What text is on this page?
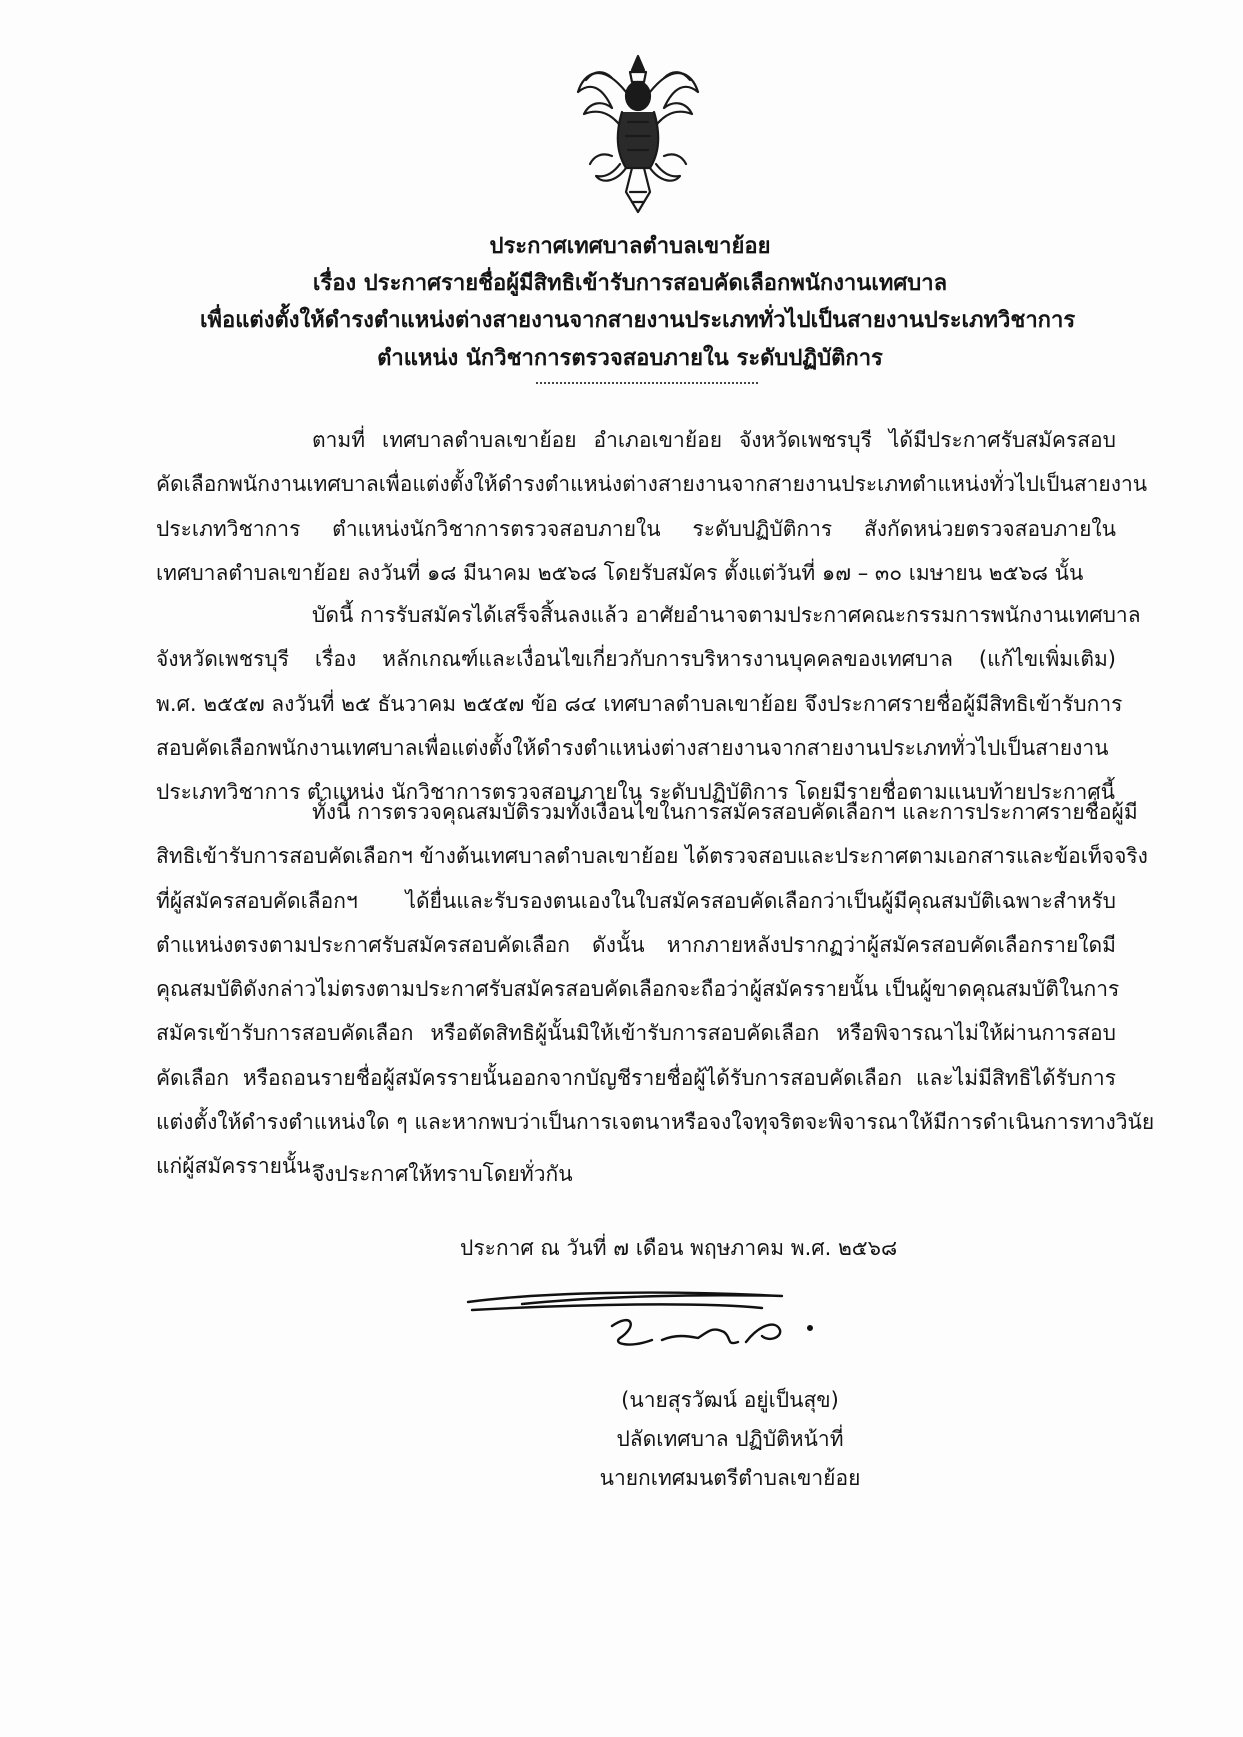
ประกาศเทศบาลตำบลเขาย้อย
เรื่อง ประกาศรายชื่อผู้มีสิทธิเข้ารับการสอบคัดเลือกพนักงานเทศบาล
เพื่อแต่งตั้งให้ดำรงตำแหน่งต่างสายงานจากสายงานประเภททั่วไปเป็นสายงานประเภทวิชาการ
ตำแหน่ง นักวิชาการตรวจสอบภายใน ระดับปฏิบัติการ
ตามที่ เทศบาลตำบลเขาย้อย อำเภอเขาย้อย จังหวัดเพชรบุรี ได้มีประกาศรับสมัครสอบ
คัดเลือกพนักงานเทศบาลเพื่อแต่งตั้งให้ดำรงตำแหน่งต่างสายงานจากสายงานประเภทตำแหน่งทั่วไปเป็นสายงาน
ประเภทวิชาการ ตำแหน่งนักวิชาการตรวจสอบภายใน ระดับปฏิบัติการ สังกัดหน่วยตรวจสอบภายใน
เทศบาลตำบลเขาย้อย ลงวันที่ ๑๘ มีนาคม ๒๕๖๘ โดยรับสมัคร ตั้งแต่วันที่ ๑๗ – ๓๐ เมษายน ๒๕๖๘ นั้น
บัดนี้ การรับสมัครได้เสร็จสิ้นลงแล้ว อาศัยอำนาจตามประกาศคณะกรรมการพนักงานเทศบาล
จังหวัดเพชรบุรี เรื่อง หลักเกณฑ์และเงื่อนไขเกี่ยวกับการบริหารงานบุคคลของเทศบาล (แก้ไขเพิ่มเติม)
พ.ศ. ๒๕๕๗ ลงวันที่ ๒๕ ธันวาคม ๒๕๕๗ ข้อ ๘๔ เทศบาลตำบลเขาย้อย จึงประกาศรายชื่อผู้มีสิทธิเข้ารับการ
สอบคัดเลือกพนักงานเทศบาลเพื่อแต่งตั้งให้ดำรงตำแหน่งต่างสายงานจากสายงานประเภททั่วไปเป็นสายงาน
ประเภทวิชาการ ตำแหน่ง นักวิชาการตรวจสอบภายใน ระดับปฏิบัติการ โดยมีรายชื่อตามแนบท้ายประกาศนี้
ทั้งนี้ การตรวจคุณสมบัติรวมทั้งเงื่อนไขในการสมัครสอบคัดเลือกฯ และการประกาศรายชื่อผู้มี
สิทธิเข้ารับการสอบคัดเลือกฯ ข้างต้นเทศบาลตำบลเขาย้อย ได้ตรวจสอบและประกาศตามเอกสารและข้อเท็จจริง
ที่ผู้สมัครสอบคัดเลือกฯ ได้ยื่นและรับรองตนเองในใบสมัครสอบคัดเลือกว่าเป็นผู้มีคุณสมบัติเฉพาะสำหรับ
ตำแหน่งตรงตามประกาศรับสมัครสอบคัดเลือก ดังนั้น หากภายหลังปรากฏว่าผู้สมัครสอบคัดเลือกรายใดมี
คุณสมบัติดังกล่าวไม่ตรงตามประกาศรับสมัครสอบคัดเลือกจะถือว่าผู้สมัครรายนั้น เป็นผู้ขาดคุณสมบัติในการ
สมัครเข้ารับการสอบคัดเลือก หรือตัดสิทธิผู้นั้นมิให้เข้ารับการสอบคัดเลือก หรือพิจารณาไม่ให้ผ่านการสอบ
คัดเลือก หรือถอนรายชื่อผู้สมัครรายนั้นออกจากบัญชีรายชื่อผู้ได้รับการสอบคัดเลือก และไม่มีสิทธิได้รับการ
แต่งตั้งให้ดำรงตำแหน่งใด ๆ และหากพบว่าเป็นการเจตนาหรือจงใจทุจริตจะพิจารณาให้มีการดำเนินการทางวินัย
แก่ผู้สมัครรายนั้น จึงประกาศให้ทราบโดยทั่วกัน
ประกาศ ณ วันที่ ๗ เดือน พฤษภาคม พ.ศ. ๒๕๖๘
(นายสุรวัฒน์ อยู่เป็นสุข)
ปลัดเทศบาล ปฏิบัติหน้าที่
นายกเทศมนตรีตำบลเขาย้อย
